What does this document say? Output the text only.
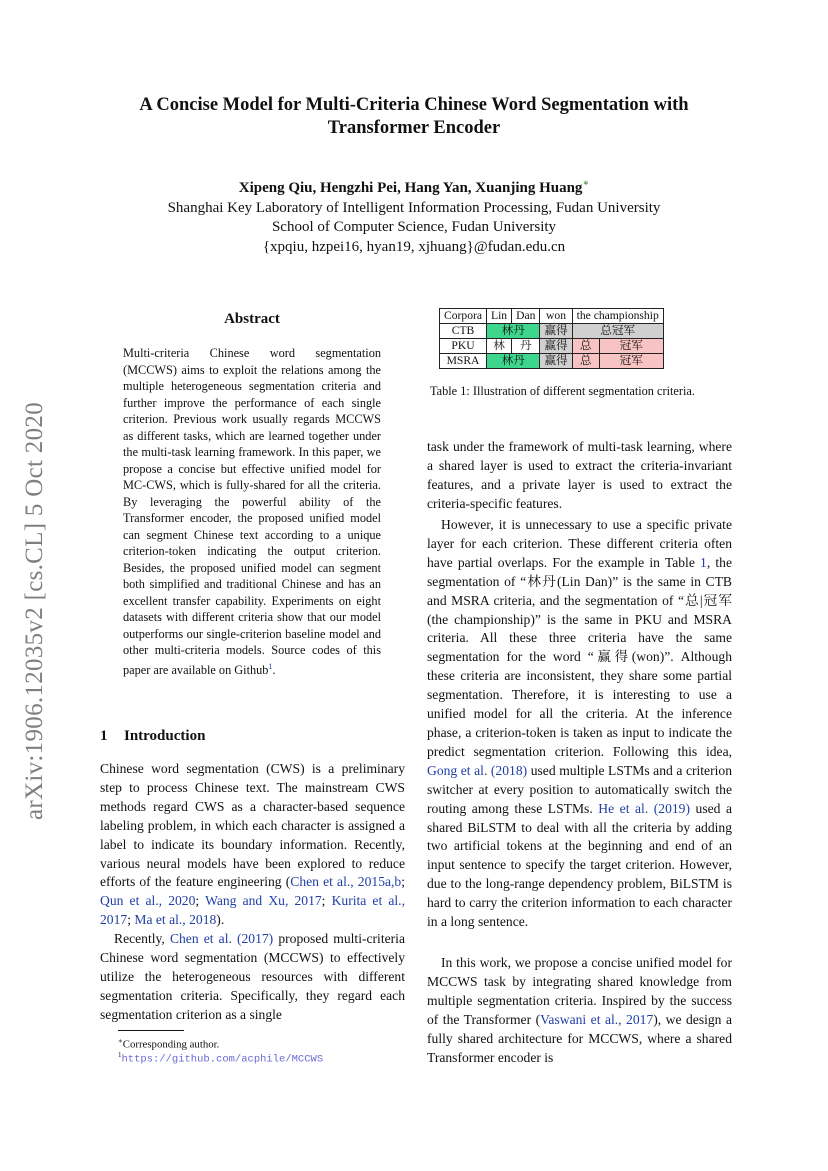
A Concise Model for Multi-Criteria Chinese Word Segmentation with
Transformer Encoder
Xipeng Qiu, Hengzhi Pei, Hang Yan, Xuanjing Huang∗
Shanghai Key Laboratory of Intelligent Information Processing, Fudan University
School of Computer Science, Fudan University
{xpqiu, hzpei16, hyan19, xjhuang}@fudan.edu.cn
arXiv:1906.12035v2 [cs.CL] 5 Oct 2020
Abstract
Multi-criteria Chinese word segmentation (MCCWS) aims to exploit the relations among the multiple heterogeneous segmentation criteria and further improve the performance of each single criterion. Previous work usually regards MCCWS as different tasks, which are learned together under the multi-task learning framework. In this paper, we propose a concise but effective unified model for MC-CWS, which is fully-shared for all the criteria. By leveraging the powerful ability of the Transformer encoder, the proposed unified model can segment Chinese text according to a unique criterion-token indicating the output criterion. Besides, the proposed unified model can segment both simplified and traditional Chinese and has an excellent transfer capability. Experiments on eight datasets with different criteria show that our model outperforms our single-criterion baseline model and other multi-criteria models. Source codes of this paper are available on Github$^1$.
1 Introduction
Chinese word segmentation (CWS) is a preliminary step to process Chinese text. The mainstream CWS methods regard CWS as a character-based sequence labeling problem, in which each character is assigned a label to indicate its boundary information. Recently, various neural models have been explored to reduce efforts of the feature engineering (Chen et al., 2015a,b; Qun et al., 2020; Wang and Xu, 2017; Kurita et al., 2017; Ma et al., 2018).
Recently, Chen et al. (2017) proposed multi-criteria Chinese word segmentation (MCCWS) to effectively utilize the heterogeneous resources with different segmentation criteria. Specifically, they regard each segmentation criterion as a single
∗Corresponding author.
$^1$https://github.com/acphile/MCCWS
Corpora	Lin	Dan	won	the championship
CTB	林丹		赢得	总冠军
PKU	林	丹	赢得	总 冠军

MSRA	林丹		赢得	总 冠军
Table 1: Illustration of different segmentation criteria.
task under the framework of multi-task learning, where a shared layer is used to extract the criteria-invariant features, and a private layer is used to extract the criteria-specific features.
However, it is unnecessary to use a specific private layer for each criterion. These different criteria often have partial overlaps. For the example in Table 1, the segmentation of “林丹(Lin Dan)” is the same in CTB and MSRA criteria, and the segmentation of “总|冠军(the championship)” is the same in PKU and MSRA criteria. All these three criteria have the same segmentation for the word “赢得(won)”. Although these criteria are inconsistent, they share some partial segmentation. Therefore, it is interesting to use a unified model for all the criteria. At the inference phase, a criterion-token is taken as input to indicate the predict segmentation criterion. Following this idea, Gong et al. (2018) used multiple LSTMs and a criterion switcher at every position to automatically switch the routing among these LSTMs. He et al. (2019) used a shared BiLSTM to deal with all the criteria by adding two artificial tokens at the beginning and end of an input sentence to specify the target criterion. However, due to the long-range dependency problem, BiLSTM is hard to carry the criterion information to each character in a long sentence.
In this work, we propose a concise unified model for MCCWS task by integrating shared knowledge from multiple segmentation criteria. Inspired by the success of the Transformer (Vaswani et al., 2017), we design a fully shared architecture for MCCWS, where a shared Transformer encoder is
